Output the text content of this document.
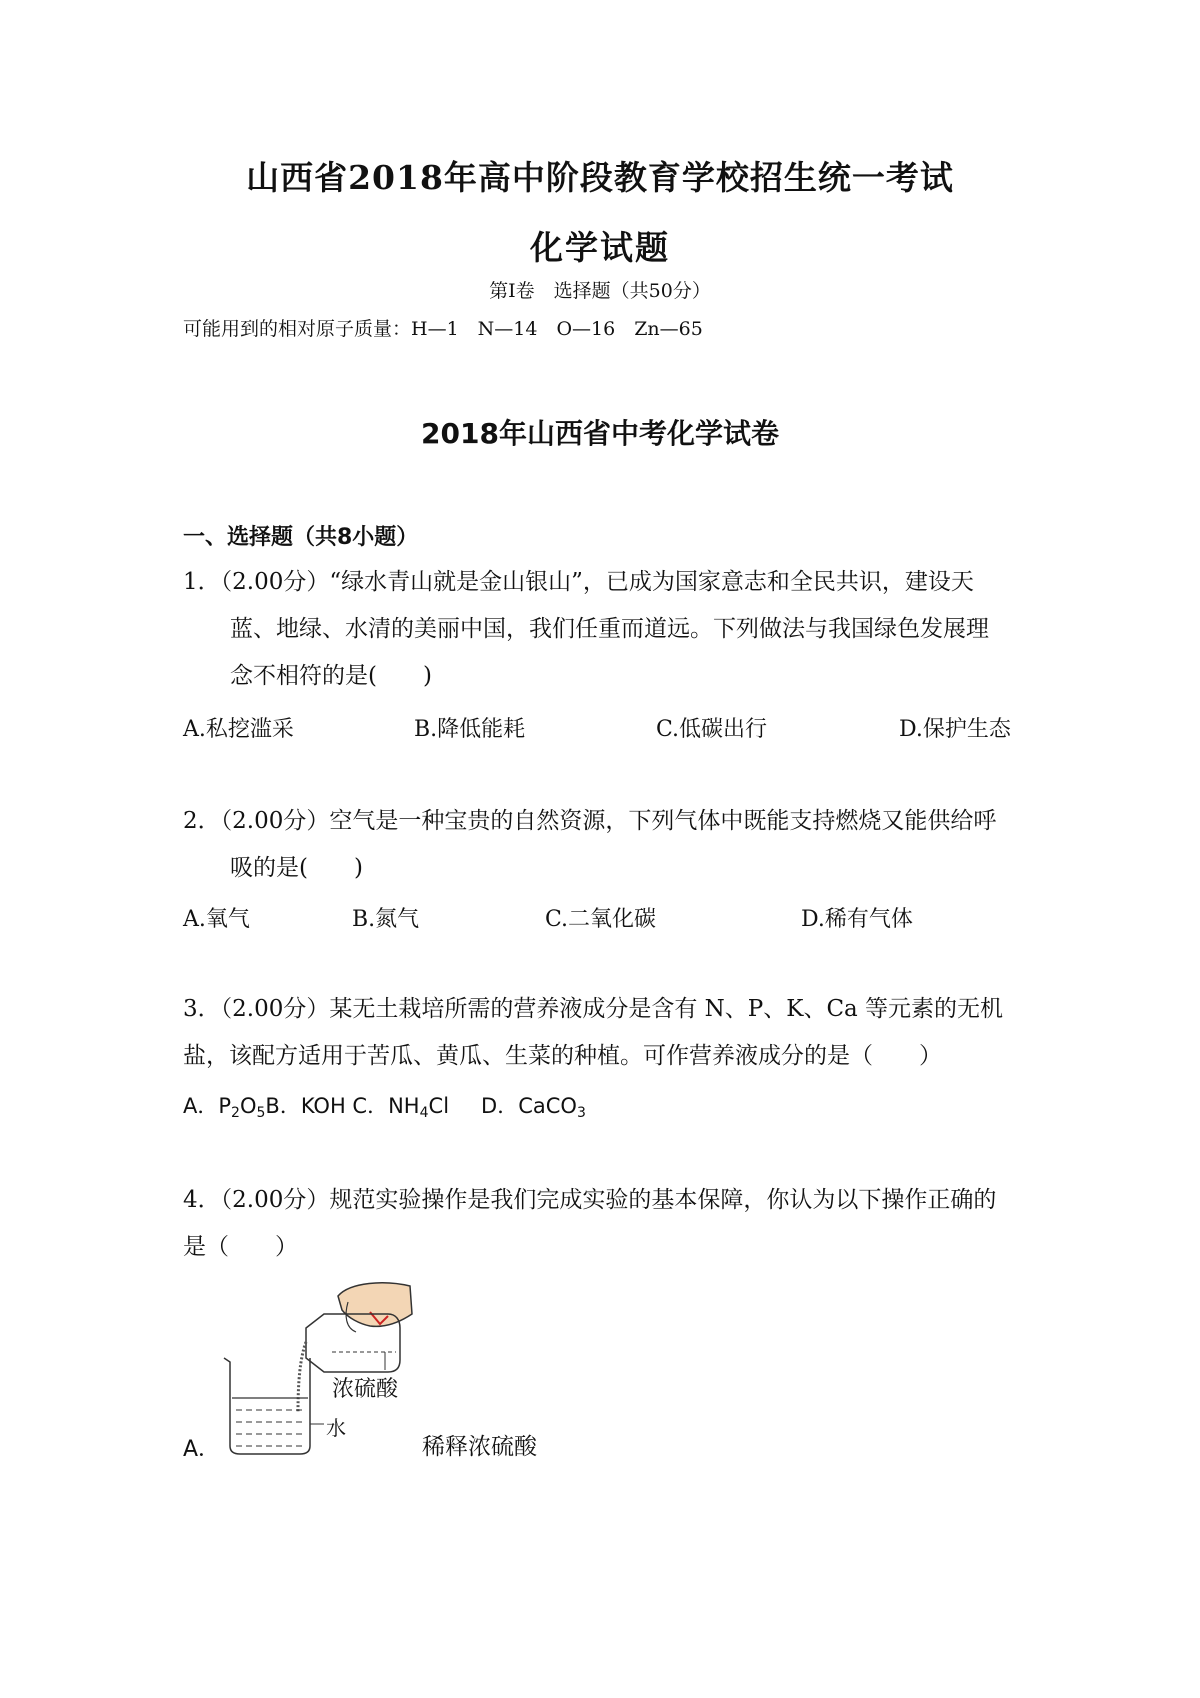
山西省2018年高中阶段教育学校招生统一考试
化学试题
第Ⅰ卷　选择题（共50分）
可能用到的相对原子质量：H—1　N—14　O—16　Zn—65
2018年山西省中考化学试卷
一、选择题（共8小题）
1．（2.00分）“绿水青山就是金山银山”，已成为国家意志和全民共识，建设天
蓝、地绿、水清的美丽中国，我们任重而道远。下列做法与我国绿色发展理
念不相符的是(　　)
A.私挖滥采	B.降低能耗	C.低碳出行	D.保护生态
2．（2.00分）空气是一种宝贵的自然资源，下列气体中既能支持燃烧又能供给呼
吸的是(　　)
A.氧气	B.氮气	C.二氧化碳	D.稀有气体
3．（2.00分）某无土栽培所需的营养液成分是含有 N、P、K、Ca 等元素的无机
盐，该配方适用于苦瓜、黄瓜、生菜的种植。可作营养液成分的是（　　）
A．$P_2O_5B$．KOH C．$NH_4Cl$ D．CaCO$_3$
4．（2.00分）规范实验操作是我们完成实验的基本保障，你认为以下操作正确的
是（　　）
A．
浓硫酸
水
稀释浓硫酸
